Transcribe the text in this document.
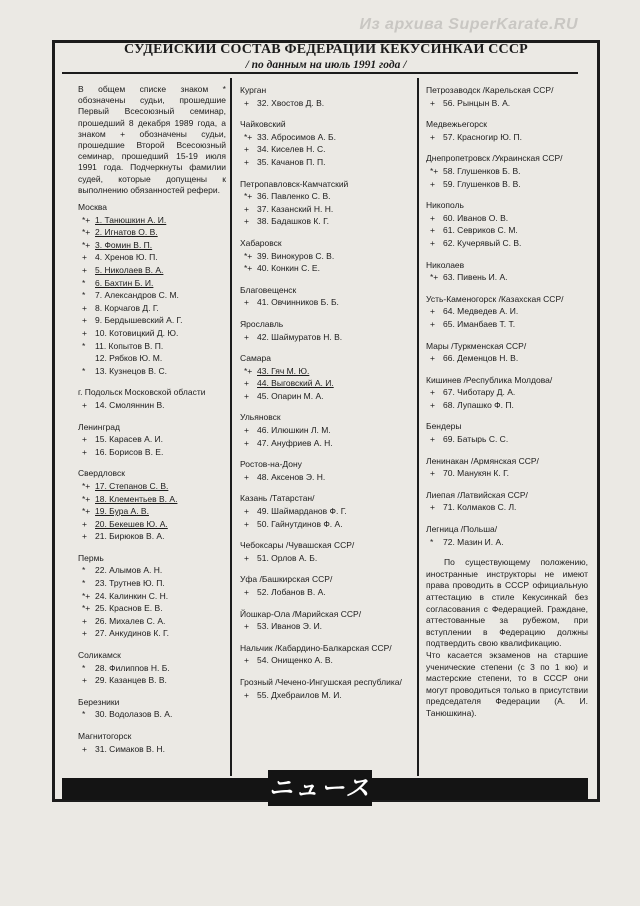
Из архива SuperKarate.RU
СУДЕЙСКИЙ СОСТАВ ФЕДЕРАЦИИ КЕКУСИНКАЙ СССР
/ по данным на июль 1991 года /
В общем списке знаком * обозначены судьи, прошедшие Первый Всесоюзный семинар, прошедший 8 декабря 1989 года, а знаком + обозначены судьи, прошедшие Второй Всесоюзный семинар, прошедший 15-19 июля 1991 года. Подчеркнуты фамилии судей, которые допущены к выполнению обязанностей рефери.
Москва
*+ 1. Танюшкин А. И.
*+ 2. Игнатов О. В.
*+ 3. Фомин В. П.
+ 4. Хренов Ю. П.
+ 5. Николаев В. А.
* 6. Бахтин Б. И.
* 7. Александров С. М.
+ 8. Корчагов Д. Г.
+ 9. Бердышевский А. Г.
+ 10. Котовицкий Д. Ю.
* 11. Копытов В. П.
12. Рябков Ю. М.
* 13. Кузнецов В. С.
г. Подольск Московской области
+ 14. Смоляннин В.
Ленинград
+ 15. Карасев А. И.
+ 16. Борисов В. Е.
Свердловск
*+ 17. Степанов С. В.
*+ 18. Клементьев В. А.
*+ 19. Бура А. В.
+ 20. Бекешев Ю. А.
+ 21. Бирюков В. А.
Пермь
* 22. Алымов А. Н.
* 23. Трутнев Ю. П.
*+ 24. Калинкин С. Н.
*+ 25. Краснов Е. В.
+ 26. Михалев С. А.
+ 27. Анкудинов К. Г.
Соликамск
* 28. Филиппов Н. Б.
+ 29. Казанцев В. В.
Березники
* 30. Водолазов В. А.
Магнитогорск
+ 31. Симаков В. Н.
Курган
+ 32. Хвостов Д. В.
Чайковский
*+ 33. Абросимов А. Б.
+ 34. Киселев Н. С.
+ 35. Качанов П. П.
Петропавловск-Камчатский
*+ 36. Павленко С. В.
+ 37. Казанский Н. Н.
+ 38. Бадашков К. Г.
Хабаровск
*+ 39. Винокуров С. В.
*+ 40. Конкин С. Е.
Благовещенск
+ 41. Овчинников Б. Б.
Ярославль
+ 42. Шаймуратов Н. В.
Самара
*+ 43. Гяч М. Ю.
+ 44. Выговский А. И.
+ 45. Опарин М. А.
Ульяновск
+ 46. Илюшкин Л. М.
+ 47. Ануфриев А. Н.
Ростов-на-Дону
+ 48. Аксенов Э. Н.
Казань /Татарстан/
+ 49. Шаймарданов Ф. Г.
+ 50. Гайнутдинов Ф. А.
Чебоксары /Чувашская ССР/
+ 51. Орлов А. Б.
Уфа /Башкирская ССР/
+ 52. Лобанов В. А.
Йошкар-Ола /Марийская ССР/
+ 53. Иванов Э. И.
Нальчик /Кабардино-Балкарская ССР/
+ 54. Онищенко А. В.
Грозный /Чечено-Ингушская республика/
+ 55. Дхебраилов М. И.
Петрозаводск /Карельская ССР/
+ 56. Рынцын В. А.
Медвежьегорск
+ 57. Красногир Ю. П.
Днепропетровск /Украинская ССР/
*+ 58. Глушенков Б. В.
+ 59. Глушенков В. В.
Никополь
+ 60. Иванов О. В.
+ 61. Севриков С. М.
+ 62. Кучерявый С. В.
Николаев
*+ 63. Пивень И. А.
Усть-Каменогорск /Казахская ССР/
+ 64. Медведев А. И.
+ 65. Иманбаев Т. Т.
Мары /Туркменская ССР/
+ 66. Деменцов Н. В.
Кишинев /Республика Молдова/
+ 67. Чиботару Д. А.
+ 68. Лупашко Ф. П.
Бендеры
+ 69. Батырь С. С.
Ленинакан /Армянская ССР/
+ 70. Манукян К. Г.
Лиепая /Латвийская ССР/
+ 71. Колмаков С. Л.
Легница /Польша/
* 72. Мазин И. А.
По существующему положению, иностранные инструкторы не имеют права проводить в СССР официальную аттестацию в стиле Кекусинкай без согласования с Федерацией. Граждане, аттестованные за рубежом, при вступлении в Федерацию должны подтвердить свою квалификацию.
Что касается экзаменов на старшие ученические степени (с 3 по 1 кю) и мастерские степени, то в СССР они могут проводиться только в присутствии председателя Федерации (А. И. Танюшкина).
ニュース
